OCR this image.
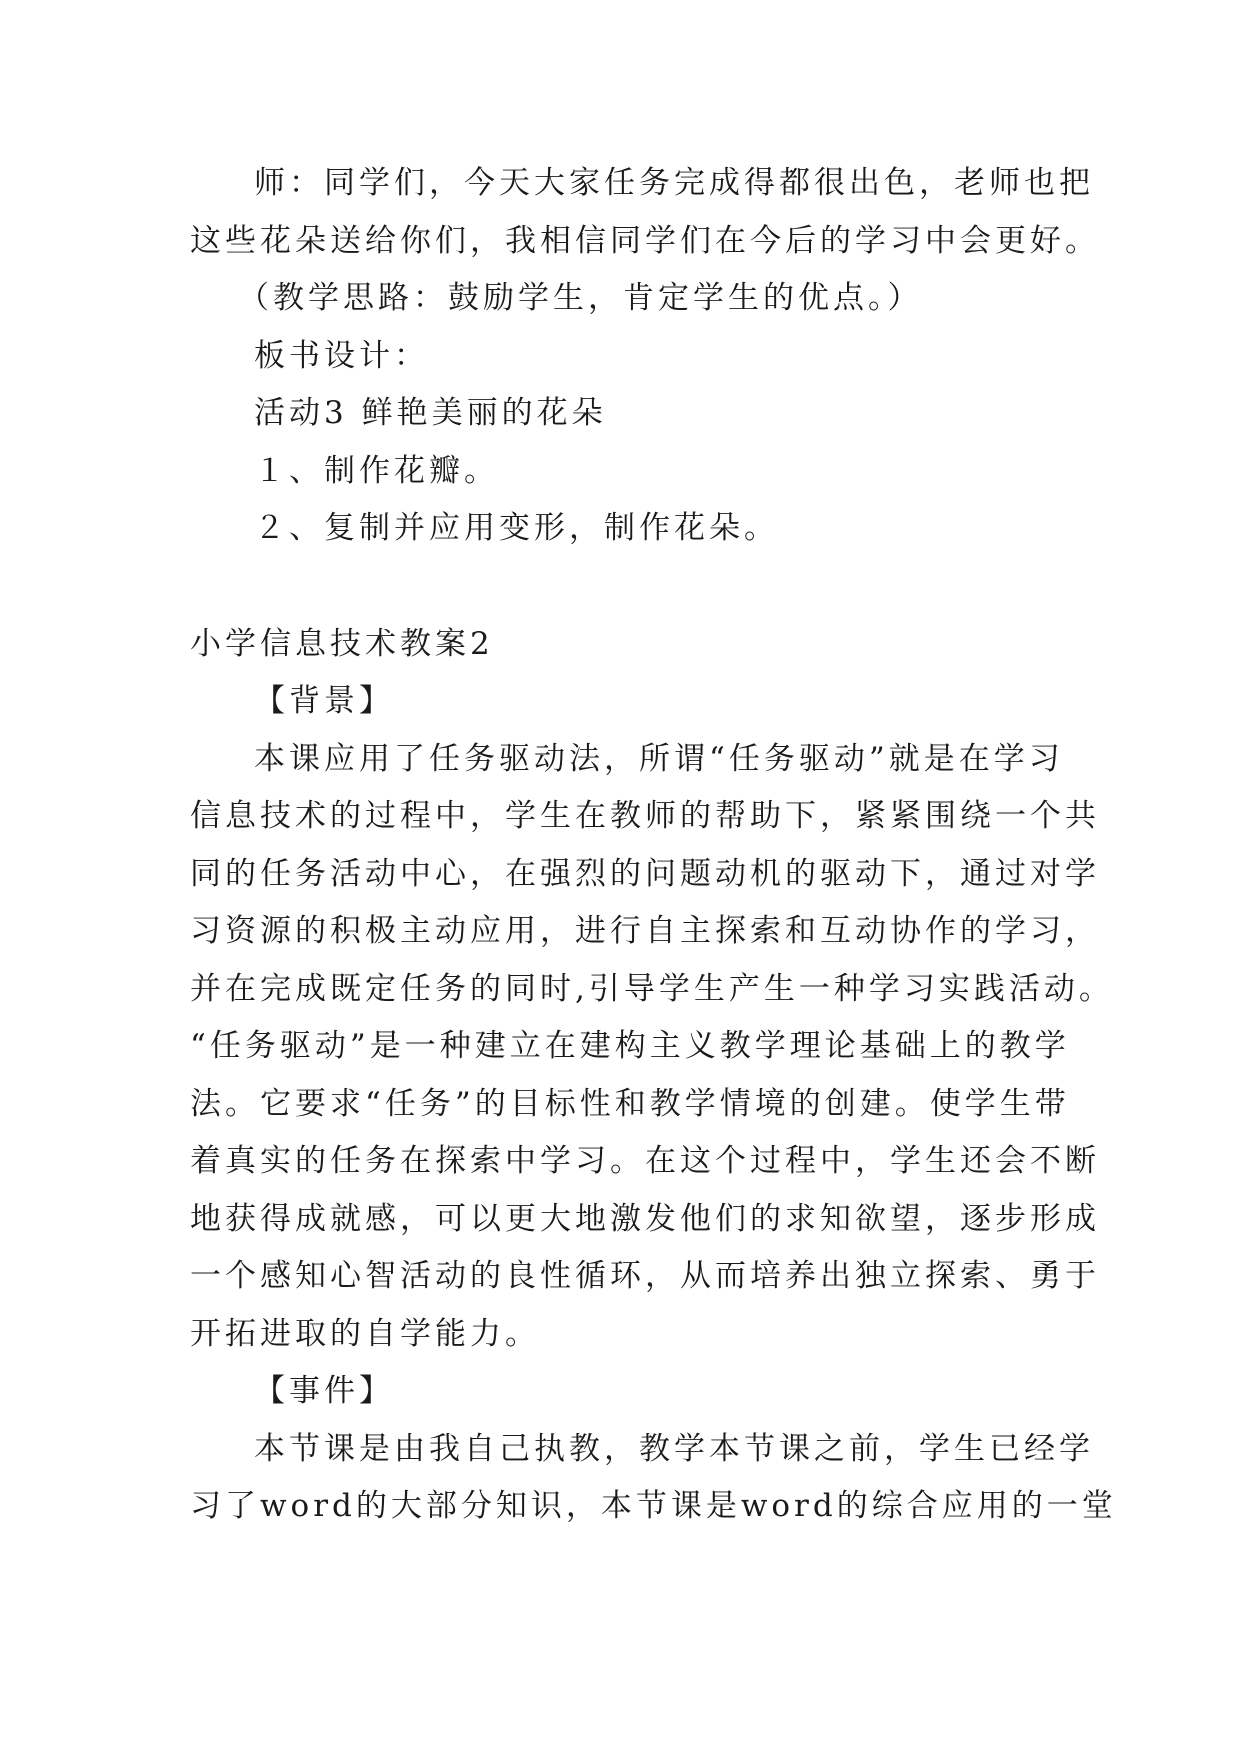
师：同学们，今天大家任务完成得都很出色，老师也把

这些花朵送给你们，我相信同学们在今后的学习中会更好。

（教学思路：鼓励学生，肯定学生的优点。）

板书设计：

活动3 鲜艳美丽的花朵

１、制作花瓣。

２、复制并应用变形，制作花朵。

小学信息技术教案2

【背景】

本课应用了任务驱动法，所谓“任务驱动”就是在学习

信息技术的过程中，学生在教师的帮助下，紧紧围绕一个共

同的任务活动中心，在强烈的问题动机的驱动下，通过对学

习资源的积极主动应用，进行自主探索和互动协作的学习，

并在完成既定任务的同时,引导学生产生一种学习实践活动。

“任务驱动”是一种建立在建构主义教学理论基础上的教学

法。它要求“任务”的目标性和教学情境的创建。使学生带

着真实的任务在探索中学习。在这个过程中，学生还会不断

地获得成就感，可以更大地激发他们的求知欲望，逐步形成

一个感知心智活动的良性循环，从而培养出独立探索、勇于

开拓进取的自学能力。

【事件】

本节课是由我自己执教，教学本节课之前，学生已经学

习了word的大部分知识，本节课是word的综合应用的一堂
